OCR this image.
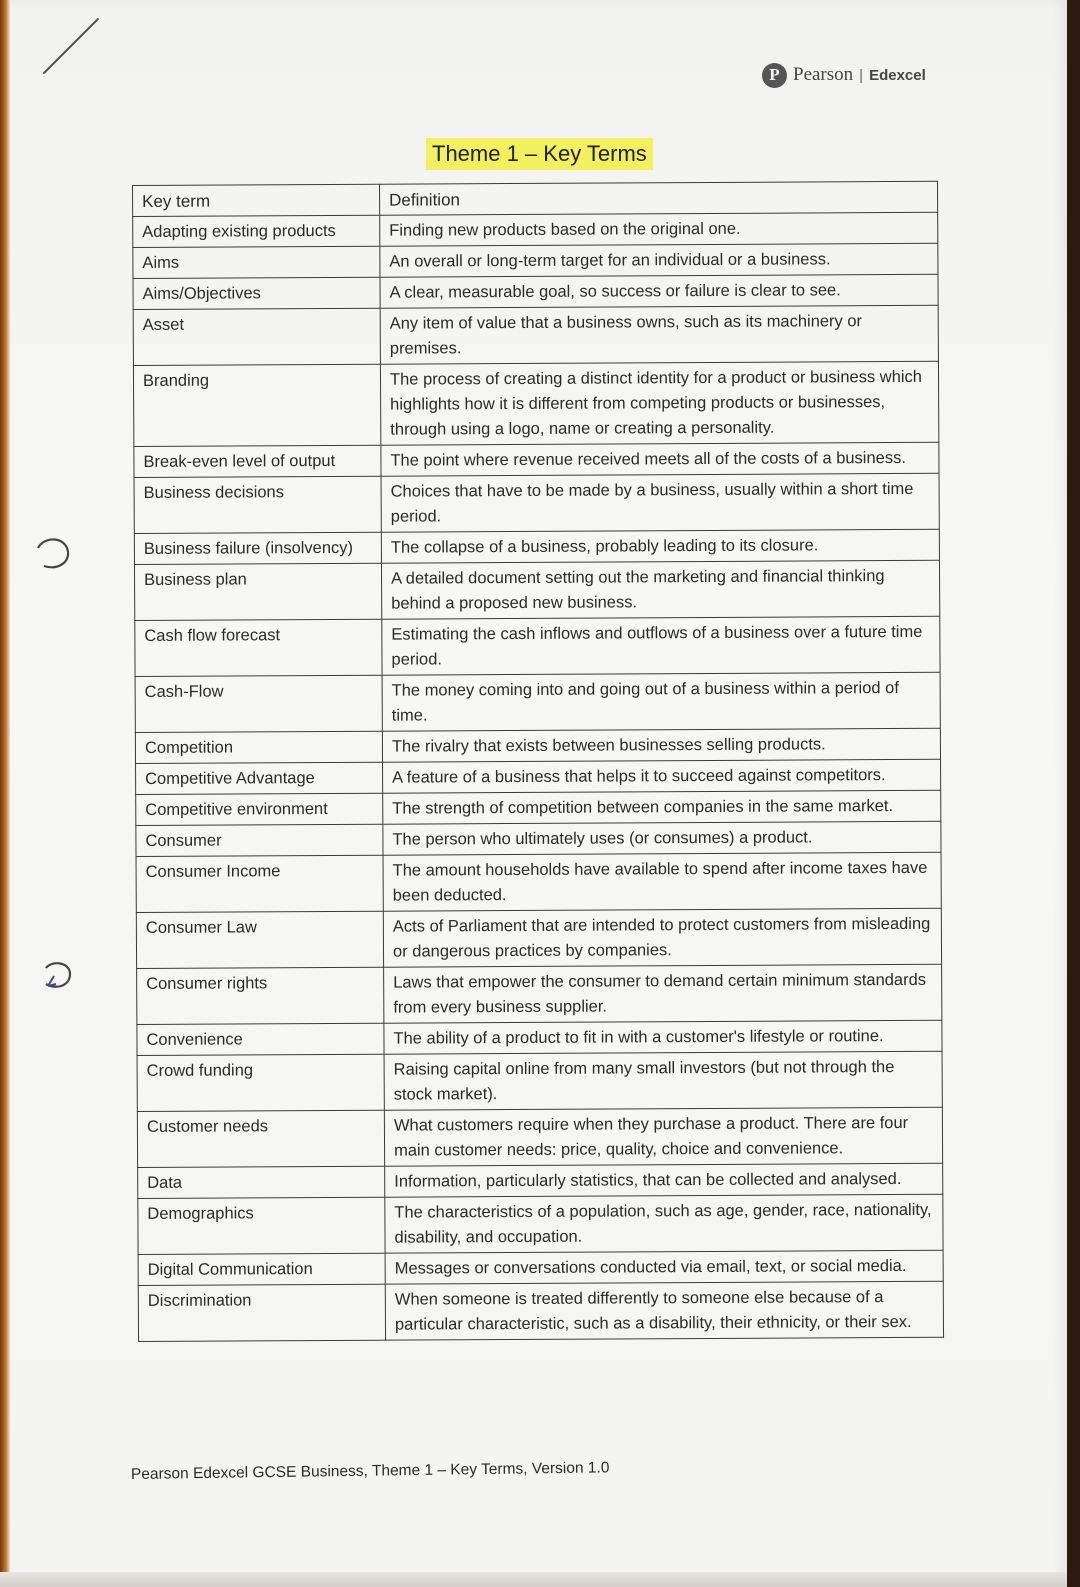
P Pearson | Edexcel
Theme 1 – Key Terms
Key term	Definition
Adapting existing products	Finding new products based on the original one.
Aims	An overall or long-term target for an individual or a business.
Aims/Objectives	A clear, measurable goal, so success or failure is clear to see.
Asset	Any item of value that a business owns, such as its machinery or premises.
Branding	The process of creating a distinct identity for a product or business which highlights how it is different from competing products or businesses, through using a logo, name or creating a personality.
Break-even level of output	The point where revenue received meets all of the costs of a business.
Business decisions	Choices that have to be made by a business, usually within a short time period.
Business failure (insolvency)	The collapse of a business, probably leading to its closure.
Business plan	A detailed document setting out the marketing and financial thinking behind a proposed new business.
Cash flow forecast	Estimating the cash inflows and outflows of a business over a future time period.
Cash-Flow	The money coming into and going out of a business within a period of time.
Competition	The rivalry that exists between businesses selling products.
Competitive Advantage	A feature of a business that helps it to succeed against competitors.
Competitive environment	The strength of competition between companies in the same market.
Consumer	The person who ultimately uses (or consumes) a product.
Consumer Income	The amount households have available to spend after income taxes have been deducted.
Consumer Law	Acts of Parliament that are intended to protect customers from misleading or dangerous practices by companies.
Consumer rights	Laws that empower the consumer to demand certain minimum standards from every business supplier.
Convenience	The ability of a product to fit in with a customer's lifestyle or routine.
Crowd funding	Raising capital online from many small investors (but not through the stock market).
Customer needs	What customers require when they purchase a product. There are four main customer needs: price, quality, choice and convenience.
Data	Information, particularly statistics, that can be collected and analysed.
Demographics	The characteristics of a population, such as age, gender, race, nationality, disability, and occupation.
Digital Communication	Messages or conversations conducted via email, text, or social media.
Discrimination	When someone is treated differently to someone else because of a particular characteristic, such as a disability, their ethnicity, or their sex.
Pearson Edexcel GCSE Business, Theme 1 – Key Terms, Version 1.0
